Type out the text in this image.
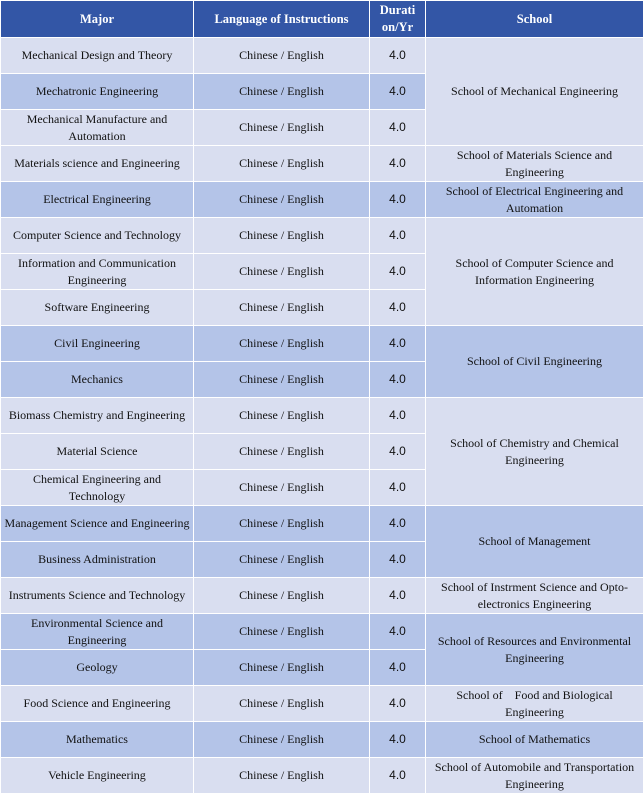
Major	Language of Instructions	Durati on/Yr	School
Mechanical Design and Theory	Chinese / English	4.0	School of Mechanical Engineering
Mechatronic Engineering	Chinese / English	4.0	
Mechanical Manufacture and Automation	Chinese / English	4.0	
Materials science and Engineering	Chinese / English	4.0	School of Materials Science and Engineering
Electrical Engineering	Chinese / English	4.0	School of Electrical Engineering and Automation
Computer Science and Technology	Chinese / English	4.0	School of Computer Science and Information Engineering
Information and Communication Engineering	Chinese / English	4.0	
Software Engineering	Chinese / English	4.0	
Civil Engineering	Chinese / English	4.0	School of Civil Engineering
Mechanics	Chinese / English	4.0	
Biomass Chemistry and Engineering	Chinese / English	4.0	School of Chemistry and Chemical Engineering
Material Science	Chinese / English	4.0	
Chemical Engineering and Technology	Chinese / English	4.0	
Management Science and Engineering	Chinese / English	4.0	School of Management
Business Administration	Chinese / English	4.0	
Instruments Science and Technology	Chinese / English	4.0	School of Instrment Science and Opto-electronics Engineering
Environmental Science and Engineering	Chinese / English	4.0	School of Resources and Environmental Engineering
Geology	Chinese / English	4.0	
Food Science and Engineering	Chinese / English	4.0	School of    Food and Biological Engineering
Mathematics	Chinese / English	4.0	School of Mathematics
Vehicle Engineering	Chinese / English	4.0	School of Automobile and Transportation Engineering
